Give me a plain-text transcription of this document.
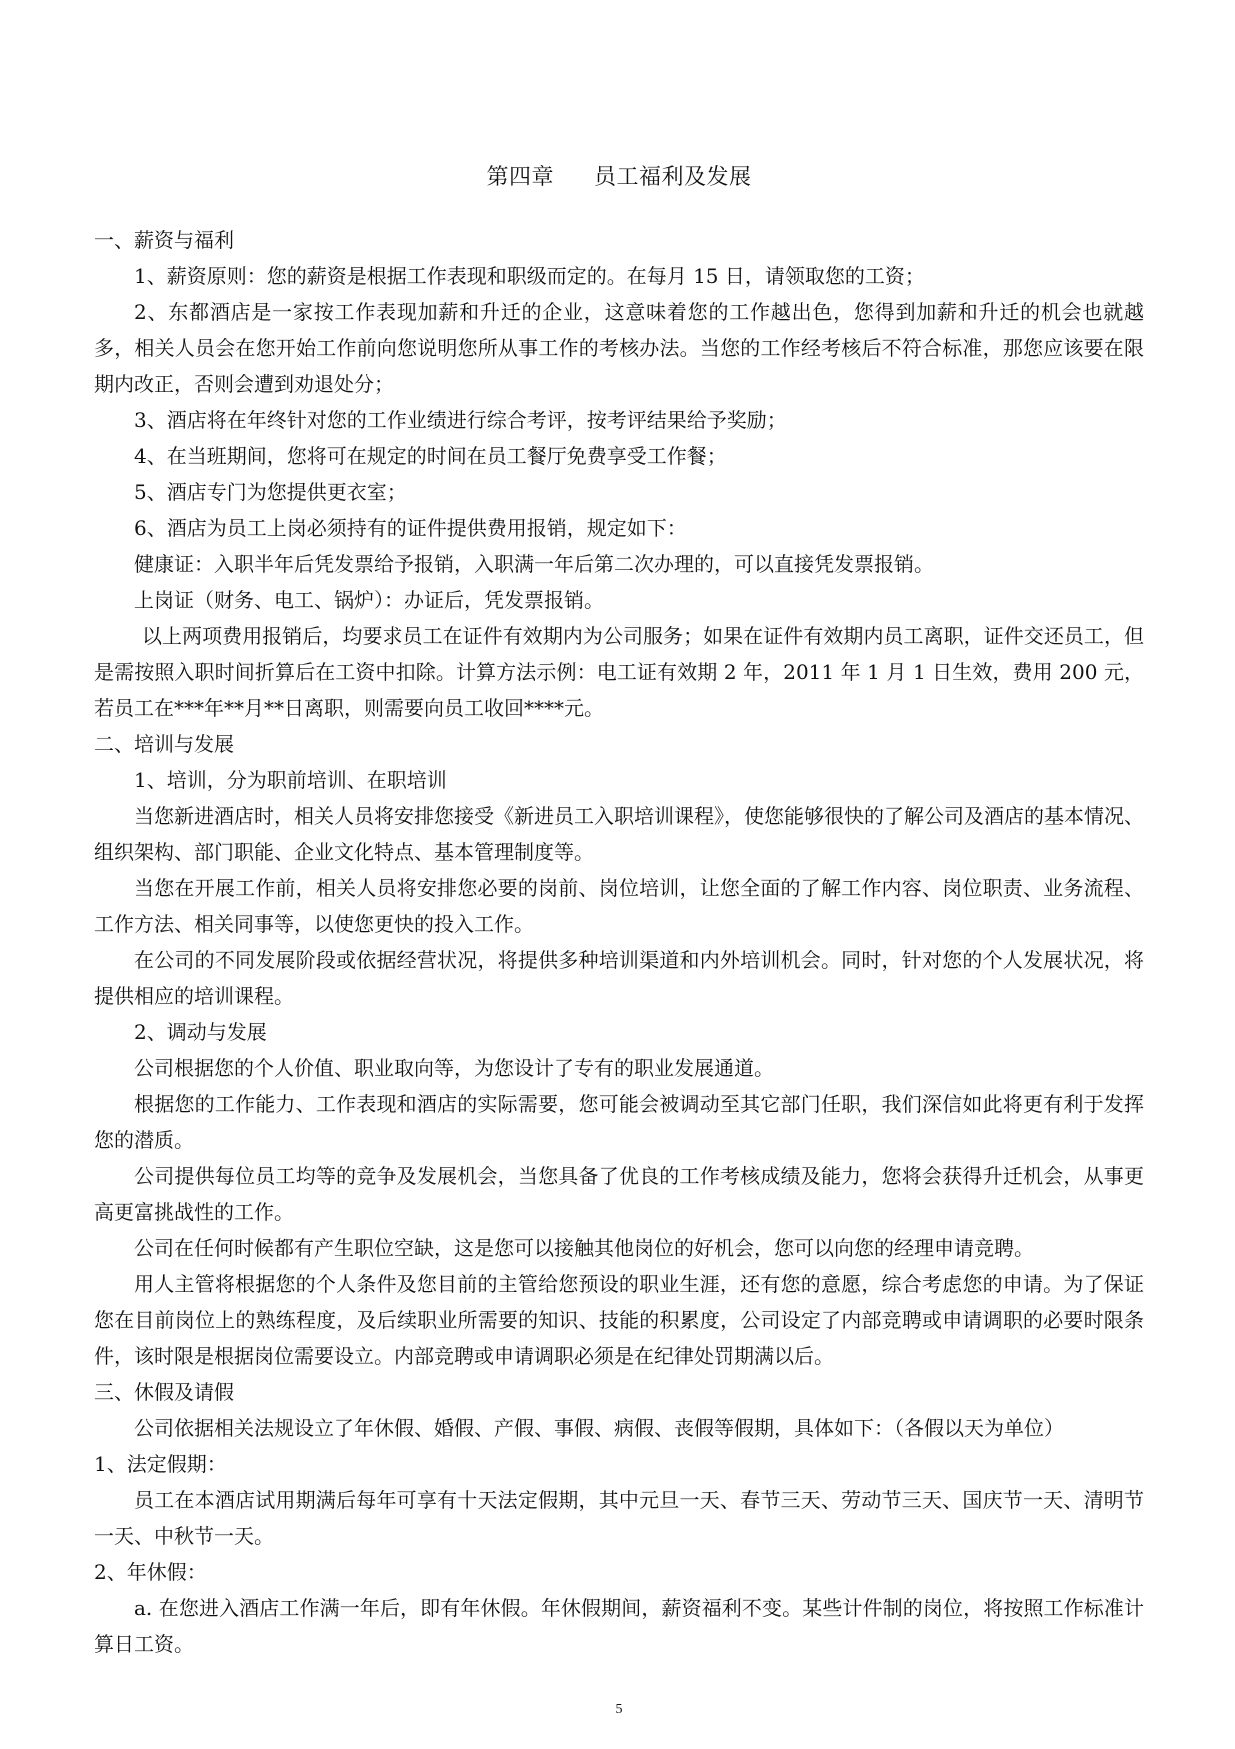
第四章 员工福利及发展

一、薪资与福利

1、薪资原则：您的薪资是根据工作表现和职级而定的。在每月 15 日，请领取您的工资；

2、东都酒店是一家按工作表现加薪和升迁的企业，这意味着您的工作越出色，您得到加薪和升迁的机会也就越多，相关人员会在您开始工作前向您说明您所从事工作的考核办法。当您的工作经考核后不符合标准，那您应该要在限期内改正，否则会遭到劝退处分；

3、酒店将在年终针对您的工作业绩进行综合考评，按考评结果给予奖励；

4、在当班期间，您将可在规定的时间在员工餐厅免费享受工作餐；

5、酒店专门为您提供更衣室；

6、酒店为员工上岗必须持有的证件提供费用报销，规定如下：

健康证：入职半年后凭发票给予报销，入职满一年后第二次办理的，可以直接凭发票报销。

上岗证（财务、电工、锅炉）：办证后，凭发票报销。

以上两项费用报销后，均要求员工在证件有效期内为公司服务；如果在证件有效期内员工离职，证件交还员工，但是需按照入职时间折算后在工资中扣除。计算方法示例：电工证有效期 2 年，2011 年 1 月 1 日生效，费用 200 元，若员工在***年**月**日离职，则需要向员工收回****元。

二、培训与发展

1、培训，分为职前培训、在职培训

当您新进酒店时，相关人员将安排您接受《新进员工入职培训课程》，使您能够很快的了解公司及酒店的基本情况、组织架构、部门职能、企业文化特点、基本管理制度等。

当您在开展工作前，相关人员将安排您必要的岗前、岗位培训，让您全面的了解工作内容、岗位职责、业务流程、工作方法、相关同事等，以使您更快的投入工作。

在公司的不同发展阶段或依据经营状况，将提供多种培训渠道和内外培训机会。同时，针对您的个人发展状况，将提供相应的培训课程。

2、调动与发展

公司根据您的个人价值、职业取向等，为您设计了专有的职业发展通道。

根据您的工作能力、工作表现和酒店的实际需要，您可能会被调动至其它部门任职，我们深信如此将更有利于发挥您的潜质。

公司提供每位员工均等的竞争及发展机会，当您具备了优良的工作考核成绩及能力，您将会获得升迁机会，从事更高更富挑战性的工作。

公司在任何时候都有产生职位空缺，这是您可以接触其他岗位的好机会，您可以向您的经理申请竞聘。

用人主管将根据您的个人条件及您目前的主管给您预设的职业生涯，还有您的意愿，综合考虑您的申请。为了保证您在目前岗位上的熟练程度，及后续职业所需要的知识、技能的积累度，公司设定了内部竞聘或申请调职的必要时限条件，该时限是根据岗位需要设立。内部竞聘或申请调职必须是在纪律处罚期满以后。

三、休假及请假

公司依据相关法规设立了年休假、婚假、产假、事假、病假、丧假等假期，具体如下：（各假以天为单位）

1、法定假期：

员工在本酒店试用期满后每年可享有十天法定假期，其中元旦一天、春节三天、劳动节三天、国庆节一天、清明节一天、中秋节一天。

2、年休假：

a. 在您进入酒店工作满一年后，即有年休假。年休假期间，薪资福利不变。某些计件制的岗位，将按照工作标准计算日工资。

5
